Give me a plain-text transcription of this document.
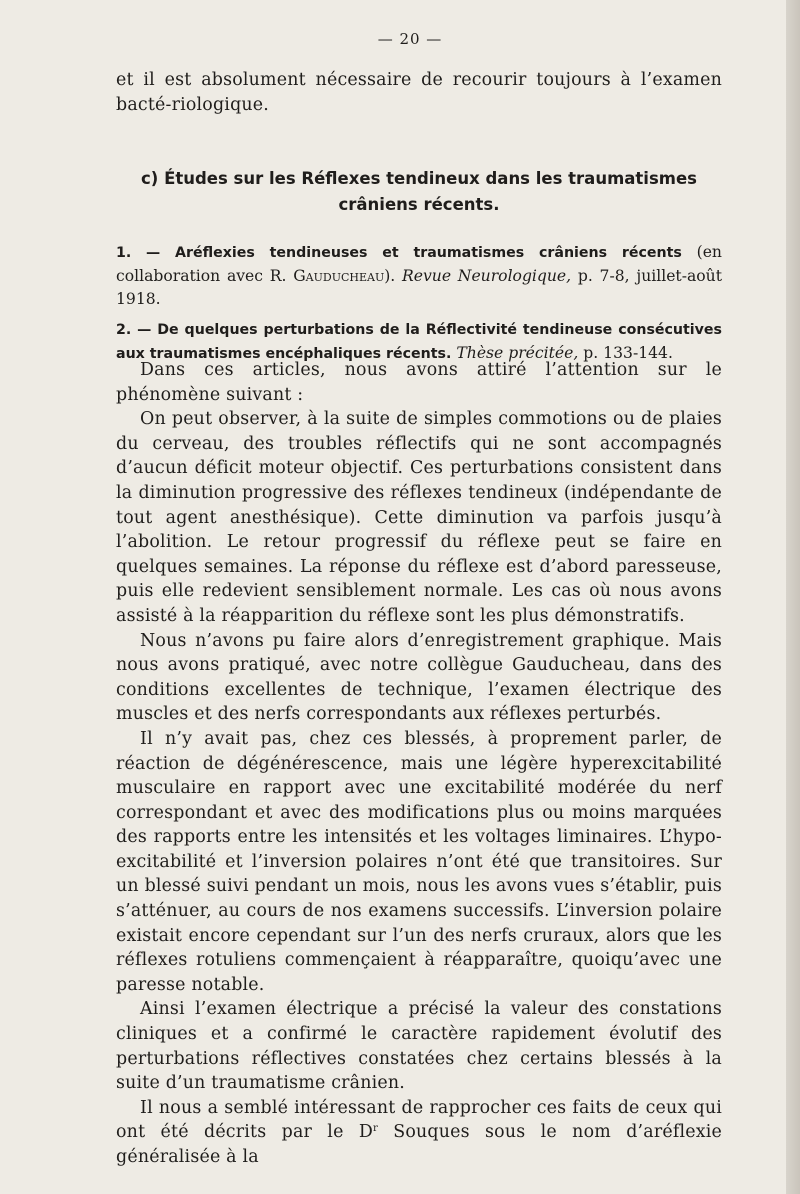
— 20 —
et il est absolument nécessaire de recourir toujours à l’examen bacté-riologique.
c) Études sur les Réflexes tendineux dans les traumatismes
crâniens récents.
1. — Aréflexies tendineuses et traumatismes crâniens récents (en collaboration avec R. Gauducheau). Revue Neurologique, p. 7-8, juillet-août 1918.
2. — De quelques perturbations de la Réflectivité tendineuse consécutives aux traumatismes encéphaliques récents. Thèse précitée, p. 133-144.

Dans ces articles, nous avons attiré l’attention sur le phénomène suivant :

On peut observer, à la suite de simples commotions ou de plaies du cerveau, des troubles réflectifs qui ne sont accompagnés d’aucun déficit moteur objectif. Ces perturbations consistent dans la diminution progressive des réflexes tendineux (indépendante de tout agent anesthésique). Cette diminution va parfois jusqu’à l’abolition. Le retour progressif du réflexe peut se faire en quelques semaines. La réponse du réflexe est d’abord paresseuse, puis elle redevient sensiblement normale. Les cas où nous avons assisté à la réapparition du réflexe sont les plus démonstratifs.

Nous n’avons pu faire alors d’enregistrement graphique. Mais nous avons pratiqué, avec notre collègue Gauducheau, dans des conditions excellentes de technique, l’examen électrique des muscles et des nerfs correspondants aux réflexes perturbés.

Il n’y avait pas, chez ces blessés, à proprement parler, de réaction de dégénérescence, mais une légère hyperexcitabilité musculaire en rapport avec une excitabilité modérée du nerf correspondant et avec des modifications plus ou moins marquées des rapports entre les intensités et les voltages liminaires. L’hypo-excitabilité et l’inversion polaires n’ont été que transitoires. Sur un blessé suivi pendant un mois, nous les avons vues s’établir, puis s’atténuer, au cours de nos examens successifs. L’inversion polaire existait encore cependant sur l’un des nerfs cruraux, alors que les réflexes rotuliens commençaient à réapparaître, quoiqu’avec une paresse notable.

Ainsi l’examen électrique a précisé la valeur des constations cliniques et a confirmé le caractère rapidement évolutif des perturbations réflectives constatées chez certains blessés à la suite d’un traumatisme crânien.

Il nous a semblé intéressant de rapprocher ces faits de ceux qui ont été décrits par le $D^r$ Souques sous le nom d’aréflexie généralisée à la
